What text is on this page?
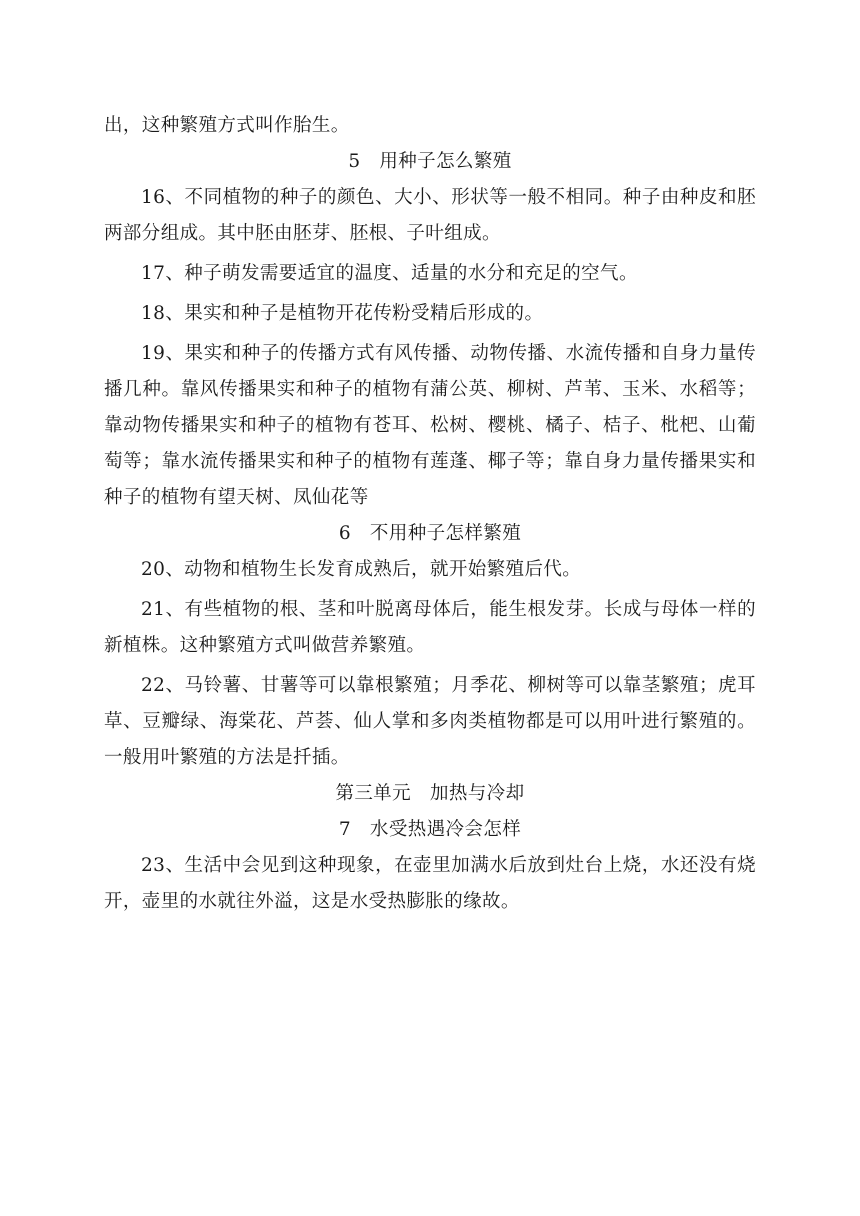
出，这种繁殖方式叫作胎生。

5　用种子怎么繁殖

16、不同植物的种子的颜色、大小、形状等一般不相同。种子由种皮和胚两部分组成。其中胚由胚芽、胚根、子叶组成。

17、种子萌发需要适宜的温度、适量的水分和充足的空气。

18、果实和种子是植物开花传粉受精后形成的。

19、果实和种子的传播方式有风传播、动物传播、水流传播和自身力量传播几种。靠风传播果实和种子的植物有蒲公英、柳树、芦苇、玉米、水稻等；靠动物传播果实和种子的植物有苍耳、松树、樱桃、橘子、桔子、枇杷、山葡萄等；靠水流传播果实和种子的植物有莲蓬、椰子等；靠自身力量传播果实和种子的植物有望天树、凤仙花等

6　不用种子怎样繁殖

20、动物和植物生长发育成熟后，就开始繁殖后代。

21、有些植物的根、茎和叶脱离母体后，能生根发芽。长成与母体一样的新植株。这种繁殖方式叫做营养繁殖。

22、马铃薯、甘薯等可以靠根繁殖；月季花、柳树等可以靠茎繁殖；虎耳草、豆瓣绿、海棠花、芦荟、仙人掌和多肉类植物都是可以用叶进行繁殖的。一般用叶繁殖的方法是扦插。

第三单元　加热与冷却

7　水受热遇冷会怎样

23、生活中会见到这种现象，在壶里加满水后放到灶台上烧，水还没有烧开，壶里的水就往外溢，这是水受热膨胀的缘故。
